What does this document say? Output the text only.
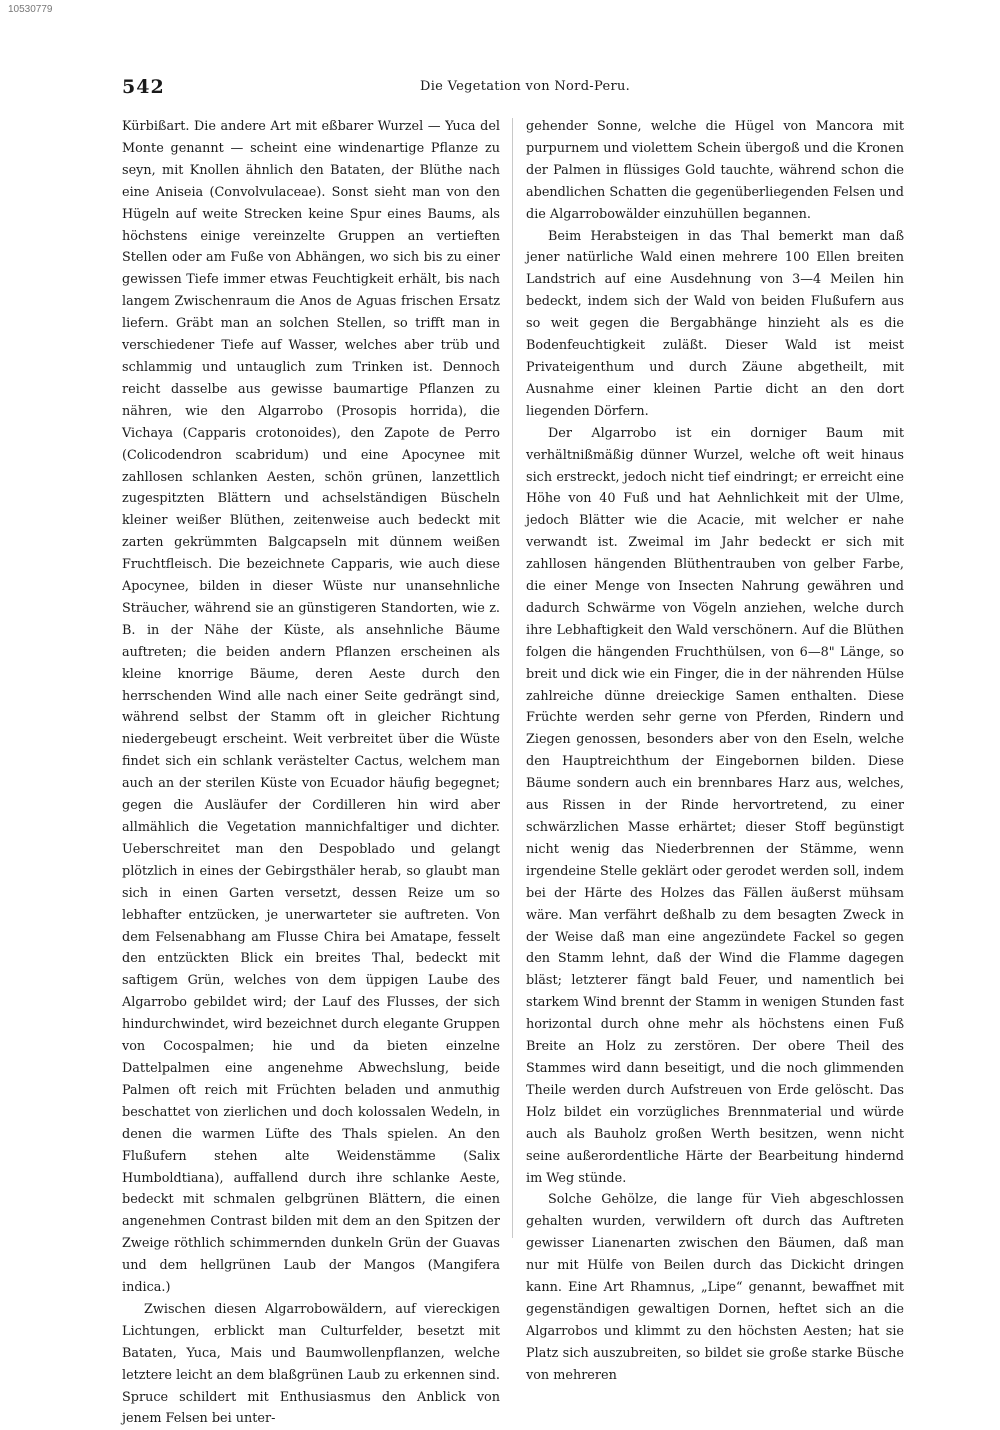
10530779
542	Die Vegetation von Nord-Peru.

Kürbißart. Die andere Art mit eßbarer Wurzel — Yuca del Monte genannt — scheint eine windenartige Pflanze zu seyn, mit Knollen ähnlich den Bataten, der Blüthe nach eine Aniseia (Convolvulaceae). Sonst sieht man von den Hügeln auf weite Strecken keine Spur eines Baums, als höchstens einige vereinzelte Gruppen an vertieften Stellen oder am Fuße von Abhängen, wo sich bis zu einer gewissen Tiefe immer etwas Feuchtigkeit erhält, bis nach langem Zwischenraum die Anos de Aguas frischen Ersatz liefern. Gräbt man an solchen Stellen, so trifft man in verschiedener Tiefe auf Wasser, welches aber trüb und schlammig und untauglich zum Trinken ist. Dennoch reicht dasselbe aus gewisse baumartige Pflanzen zu nähren, wie den Algarrobo (Prosopis horrida), die Vichaya (Capparis crotonoides), den Zapote de Perro (Colicodendron scabridum) und eine Apocynee mit zahllosen schlanken Aesten, schön grünen, lanzettlich zugespitzten Blättern und achselständigen Büscheln kleiner weißer Blüthen, zeitenweise auch bedeckt mit zarten gekrümmten Balgcapseln mit dünnem weißen Fruchtfleisch. Die bezeichnete Capparis, wie auch diese Apocynee, bilden in dieser Wüste nur unansehnliche Sträucher, während sie an günstigeren Standorten, wie z. B. in der Nähe der Küste, als ansehnliche Bäume auftreten; die beiden andern Pflanzen erscheinen als kleine knorrige Bäume, deren Aeste durch den herrschenden Wind alle nach einer Seite gedrängt sind, während selbst der Stamm oft in gleicher Richtung niedergebeugt erscheint. Weit verbreitet über die Wüste findet sich ein schlank verästelter Cactus, welchem man auch an der sterilen Küste von Ecuador häufig begegnet; gegen die Ausläufer der Cordilleren hin wird aber allmählich die Vegetation mannichfaltiger und dichter. Ueberschreitet man den Despoblado und gelangt plötzlich in eines der Gebirgsthäler herab, so glaubt man sich in einen Garten versetzt, dessen Reize um so lebhafter entzücken, je unerwarteter sie auftreten. Von dem Felsenabhang am Flusse Chira bei Amatape, fesselt den entzückten Blick ein breites Thal, bedeckt mit saftigem Grün, welches von dem üppigen Laube des Algarrobo gebildet wird; der Lauf des Flusses, der sich hindurchwindet, wird bezeichnet durch elegante Gruppen von Cocospalmen; hie und da bieten einzelne Dattelpalmen eine angenehme Abwechslung, beide Palmen oft reich mit Früchten beladen und anmuthig beschattet von zierlichen und doch kolossalen Wedeln, in denen die warmen Lüfte des Thals spielen. An den Flußufern stehen alte Weidenstämme (Salix Humboldtiana), auffallend durch ihre schlanke Aeste, bedeckt mit schmalen gelbgrünen Blättern, die einen angenehmen Contrast bilden mit dem an den Spitzen der Zweige röthlich schimmernden dunkeln Grün der Guavas und dem hellgrünen Laub der Mangos (Mangifera indica.)

Zwischen diesen Algarrobowäldern, auf viereckigen Lichtungen, erblickt man Culturfelder, besetzt mit Bataten, Yuca, Mais und Baumwollenpflanzen, welche letztere leicht an dem blaßgrünen Laub zu erkennen sind. Spruce schildert mit Enthusiasmus den Anblick von jenem Felsen bei unter-

gehender Sonne, welche die Hügel von Mancora mit purpurnem und violettem Schein übergoß und die Kronen der Palmen in flüssiges Gold tauchte, während schon die abendlichen Schatten die gegenüberliegenden Felsen und die Algarrobowälder einzuhüllen begannen.

Beim Herabsteigen in das Thal bemerkt man daß jener natürliche Wald einen mehrere 100 Ellen breiten Landstrich auf eine Ausdehnung von 3—4 Meilen hin bedeckt, indem sich der Wald von beiden Flußufern aus so weit gegen die Bergabhänge hinzieht als es die Bodenfeuchtigkeit zuläßt. Dieser Wald ist meist Privateigenthum und durch Zäune abgetheilt, mit Ausnahme einer kleinen Partie dicht an den dort liegenden Dörfern.

Der Algarrobo ist ein dorniger Baum mit verhältnißmäßig dünner Wurzel, welche oft weit hinaus sich erstreckt, jedoch nicht tief eindringt; er erreicht eine Höhe von 40 Fuß und hat Aehnlichkeit mit der Ulme, jedoch Blätter wie die Acacie, mit welcher er nahe verwandt ist. Zweimal im Jahr bedeckt er sich mit zahllosen hängenden Blüthentrauben von gelber Farbe, die einer Menge von Insecten Nahrung gewähren und dadurch Schwärme von Vögeln anziehen, welche durch ihre Lebhaftigkeit den Wald verschönern. Auf die Blüthen folgen die hängenden Fruchthülsen, von 6—8" Länge, so breit und dick wie ein Finger, die in der nährenden Hülse zahlreiche dünne dreieckige Samen enthalten. Diese Früchte werden sehr gerne von Pferden, Rindern und Ziegen genossen, besonders aber von den Eseln, welche den Hauptreichthum der Eingebornen bilden. Diese Bäume sondern auch ein brennbares Harz aus, welches, aus Rissen in der Rinde hervortretend, zu einer schwärzlichen Masse erhärtet; dieser Stoff begünstigt nicht wenig das Niederbrennen der Stämme, wenn irgendeine Stelle geklärt oder gerodet werden soll, indem bei der Härte des Holzes das Fällen äußerst mühsam wäre. Man verfährt deßhalb zu dem besagten Zweck in der Weise daß man eine angezündete Fackel so gegen den Stamm lehnt, daß der Wind die Flamme dagegen bläst; letzterer fängt bald Feuer, und namentlich bei starkem Wind brennt der Stamm in wenigen Stunden fast horizontal durch ohne mehr als höchstens einen Fuß Breite an Holz zu zerstören. Der obere Theil des Stammes wird dann beseitigt, und die noch glimmenden Theile werden durch Aufstreuen von Erde gelöscht. Das Holz bildet ein vorzügliches Brennmaterial und würde auch als Bauholz großen Werth besitzen, wenn nicht seine außerordentliche Härte der Bearbeitung hindernd im Weg stünde.

Solche Gehölze, die lange für Vieh abgeschlossen gehalten wurden, verwildern oft durch das Auftreten gewisser Lianenarten zwischen den Bäumen, daß man nur mit Hülfe von Beilen durch das Dickicht dringen kann. Eine Art Rhamnus, „Lipe“ genannt, bewaffnet mit gegenständigen gewaltigen Dornen, heftet sich an die Algarrobos und klimmt zu den höchsten Aesten; hat sie Platz sich auszubreiten, so bildet sie große starke Büsche von mehreren
